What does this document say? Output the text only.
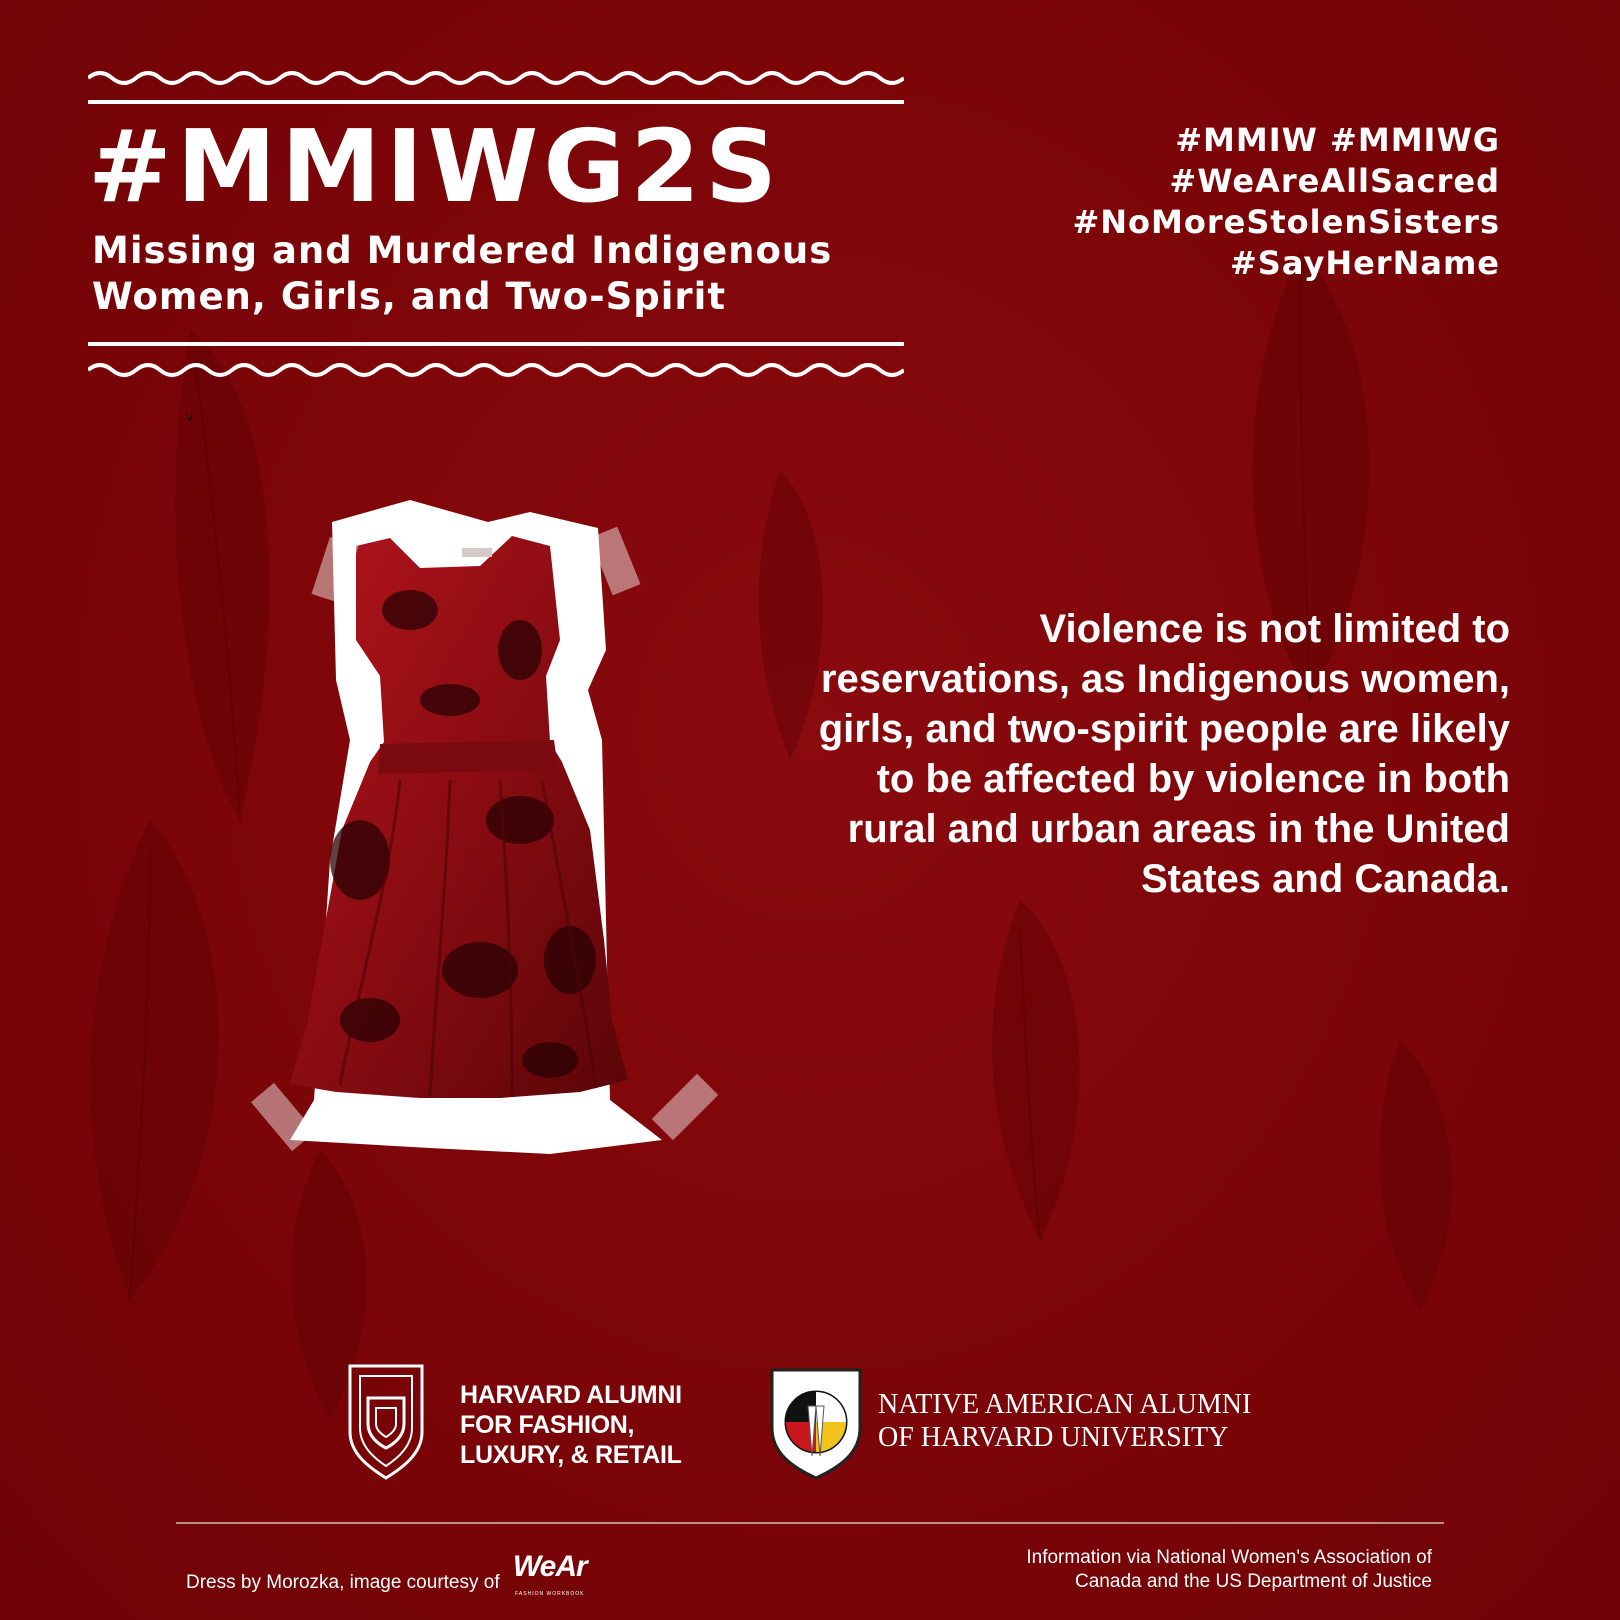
v
#MMIWG2S
Missing and Murdered Indigenous
Women, Girls, and Two-Spirit
#MMIW #MMIWG
#WeAreAllSacred
#NoMoreStolenSisters
#SayHerName
Violence is not limited to reservations, as Indigenous women, girls, and two-spirit people are likely to be affected by violence in both rural and urban areas in the United States and Canada.
HARVARD ALUMNI
FOR FASHION,
LUXURY, & RETAIL
NATIVE AMERICAN ALUMNI
OF HARVARD UNIVERSITY
Dress by Morozka, image courtesy of WeAr
FASHION WORKBOOK
Information via National Women's Association of
Canada and the US Department of Justice
